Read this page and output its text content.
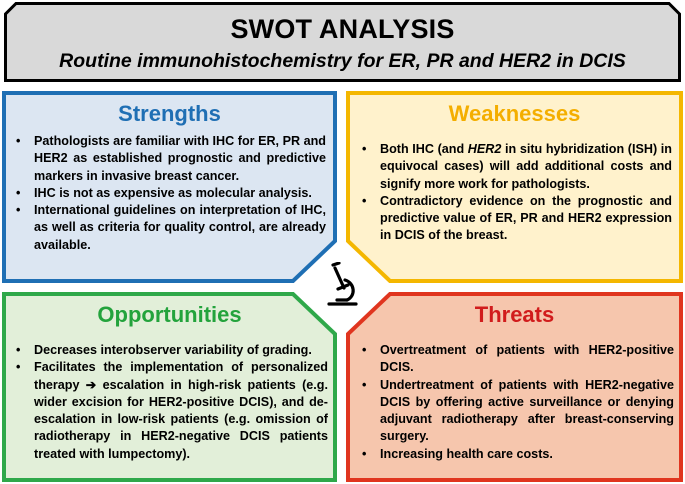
SWOT ANALYSIS
Routine immunohistochemistry for ER, PR and HER2 in DCIS
Strengths
• Pathologists are familiar with IHC for ER, PR and HER2 as established prognostic and predictive markers in invasive breast cancer.
• IHC is not as expensive as molecular analysis.
• International guidelines on interpretation of IHC, as well as criteria for quality control, are already available.
Weaknesses
• Both IHC (and HER2 in situ hybridization (ISH) in equivocal cases) will add additional costs and signify more work for pathologists.
• Contradictory evidence on the prognostic and predictive value of ER, PR and HER2 expression in DCIS of the breast.
Opportunities
• Decreases interobserver variability of grading.
• Facilitates the implementation of personalized therapy ➔ escalation in high-risk patients (e.g. wider excision for HER2-positive DCIS), and de-escalation in low-risk patients (e.g. omission of radiotherapy in HER2-negative DCIS patients treated with lumpectomy).
Threats
• Overtreatment of patients with HER2-positive DCIS.
• Undertreatment of patients with HER2-negative DCIS by offering active surveillance or denying adjuvant radiotherapy after breast-conserving surgery.
• Increasing health care costs.
